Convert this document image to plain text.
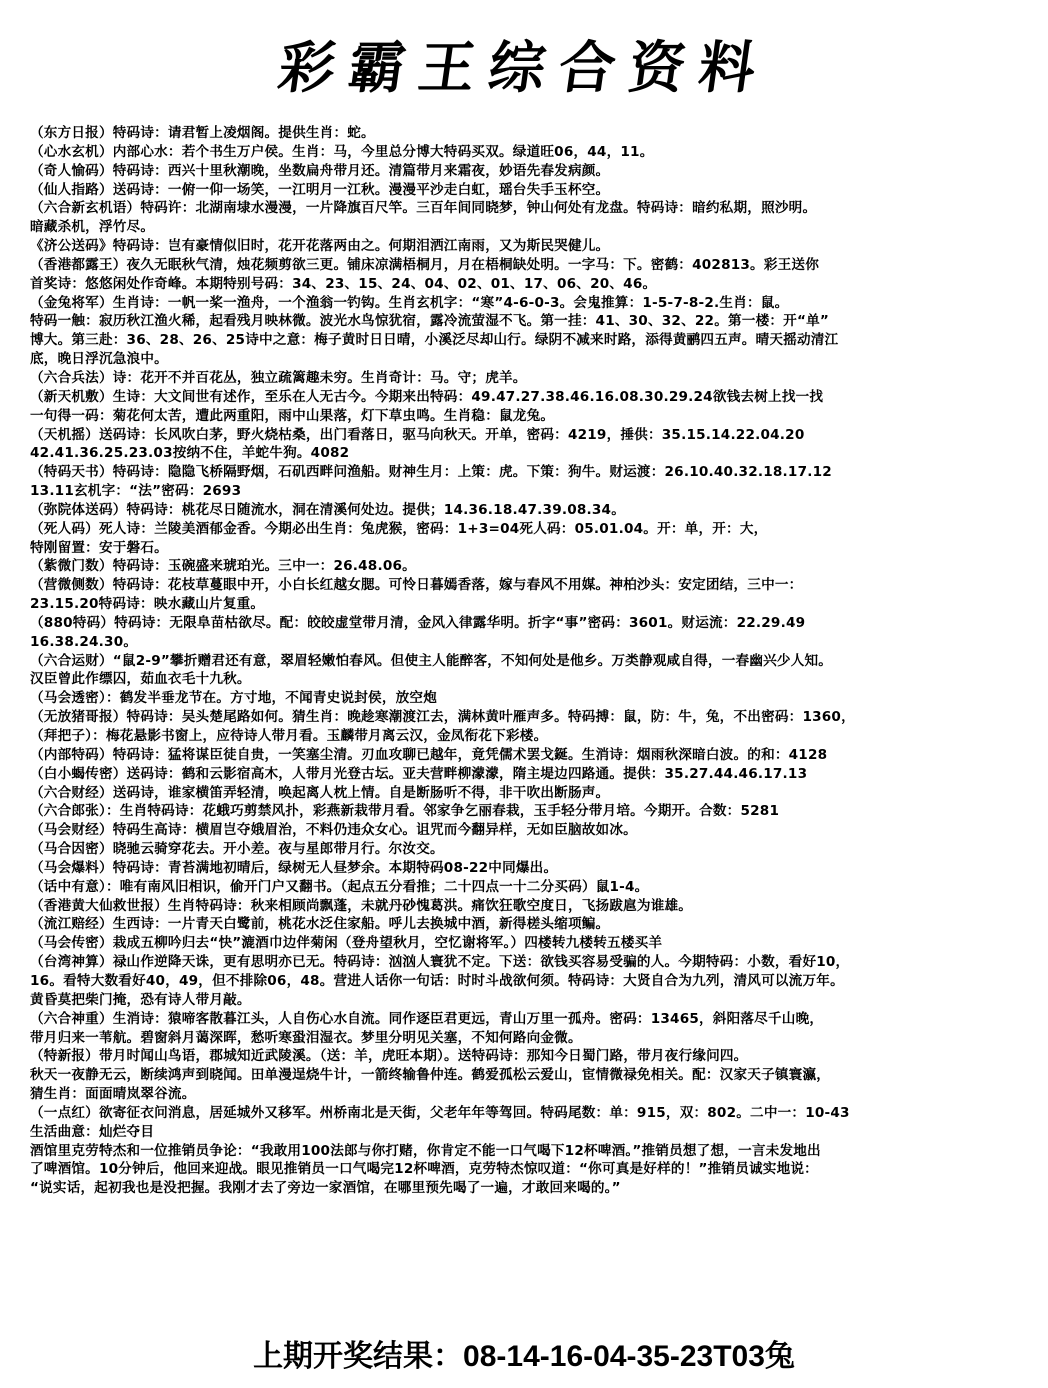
彩霸王综合资料
（东方日报）特码诗：请君暂上凌烟阁。提供生肖：蛇。
（心水玄机）内部心水：若个书生万户侯。生肖：马，今里总分博大特码买双。绿道旺06，44，11。
（奇人愉码）特码诗：西兴十里秋潮晚，坐数扁舟带月还。清篇带月来霜夜，妙语先春发病颜。
（仙人指路）送码诗：一俯一仰一场笑，一江明月一江秋。漫漫平沙走白虹，瑶台失手玉杯空。
（六合新玄机语）特码许：北湖南埭水漫漫，一片降旗百尺竿。三百年间同晓梦，钟山何处有龙盘。特码诗：暗约私期，照沙明。
暗藏杀机，浮竹尽。
《济公送码》特码诗：岂有豪情似旧时，花开花落两由之。何期泪洒江南雨，又为斯民哭健儿。
（香港都露王）夜久无眠秋气清，烛花频剪欲三更。铺床凉满梧桐月，月在梧桐缺处明。一字马：下。密鹤：402813。彩王送你
首奖诗：悠悠闲处作奇峰。本期特别号码：34、23、15、24、04、02、01、17、06、20、46。
（金兔将军）生肖诗：一帆一桨一渔舟，一个渔翁一钓钩。生肖玄机字：“寒”4-6-0-3。会鬼推算：1-5-7-8-2.生肖：鼠。
特码一触：寂历秋江渔火稀，起看残月映林微。波光水鸟惊犹宿，露冷流萤湿不飞。第一挂：41、30、32、22。第一楼：开“单”
博大。第三赴：36、28、26、25诗中之意：梅子黄时日日晴，小溪泛尽却山行。绿阴不减来时路，添得黄鹂四五声。晴天摇动清江
底，晚日浮沉急浪中。
（六合兵法）诗：花开不并百花丛，独立疏篱趣未穷。生肖奇计：马。守；虎羊。
（新天机敷）生诗：大文间世有述作，至乐在人无古今。今期来出特码：49.47.27.38.46.16.08.30.29.24欲钱去树上找一找
一句得一码：菊花何太苦，遭此两重阳，雨中山果落，灯下草虫鸣。生肖稳：鼠龙兔。
（天机摇）送码诗：长风吹白茅，野火烧枯桑，出门看落日，驱马向秋天。开单，密码：4219，捶供：35.15.14.22.04.20
42.41.36.25.23.03按纳不住，羊蛇牛狗。4082
（特码天书）特码诗：隐隐飞桥隔野烟，石矶西畔问渔船。财神生月：上策：虎。下策：狗牛。财运渡：26.10.40.32.18.17.12
13.11玄机字：“法”密码：2693
（弥院体送码）特码诗：桃花尽日随流水，洞在清溪何处边。提供；14.36.18.47.39.08.34。
（死人码）死人诗：兰陵美酒郁金香。今期必出生肖：兔虎猴，密码：1+3=04死人码：05.01.04。开：单，开：大，
特刚留置：安于磐石。
（紫微门数）特码诗：玉碗盛来琥珀光。三中一：26.48.06。
（营微侧数）特码诗：花枝草蔓眼中开，小白长红越女腮。可怜日暮嫣香落，嫁与春风不用媒。神柏沙头：安定团结，三中一：
23.15.20特码诗：映水藏山片复重。
（880特码）特码诗：无限阜苗枯欲尽。配：皎皎虚堂带月清，金风入律露华明。折字“事”密码：3601。财运流：22.29.49
16.38.24.30。
（六合运财）“鼠2-9”攀折赠君还有意，翠眉轻嫩怕春风。但使主人能醉客，不知何处是他乡。万类静观咸自得，一春幽兴少人知。
汉臣曾此作缥囚，茹血衣毛十九秋。
（马会透密）：鹤发半垂龙节在。方寸地，不闻青史说封侯，放空炮
（无放猪哥报）特码诗：吴头楚尾路如何。猜生肖：晚趁寒潮渡江去，满林黄叶雁声多。特码搏：鼠，防：牛，兔，不出密码：1360，
（拜把子）：梅花悬影书窗上，应待诗人带月看。玉麟带月离云汉，金凤衔花下彩楼。
（内部特码）特码诗：猛将谋臣徒自贵，一笑塞尘清。刃血攻聊已越年，竟凭儒术罢戈鋋。生消诗：烟雨秋深暗白波。的和：4128
（白小蝎传密）送码诗：鹤和云影宿高木，人带月光登古坛。亚夫营畔柳濛濛，隋主堤边四路通。提供：35.27.44.46.17.13
（六合财经）送码诗，谁家横笛弄轻清，唤起离人枕上情。自是断肠听不得，非干吹出断肠声。
（六合郎张）：生肖特码诗：花蛾巧剪禁风扑，彩燕新栽带月看。邻家争乞丽春栽，玉手轻分带月培。今期开。合数：5281
（马会财经）特码生高诗：横眉岂夺娥眉治，不料仍违众女心。诅咒而今翻异样，无如臣脑故如冰。
（马合因密）晓驰云骑穿花去。开小差。夜与星郎带月行。尔汝交。
（马会爆料）特码诗：青苔满地初晴后，绿树无人昼梦余。本期特码08-22中同爆出。
（话中有意）：唯有南风旧相识，偷开门户又翻书。（起点五分看推；二十四点一十二分买码）鼠1-4。
（香港黄大仙救世报）生肖特码诗：秋来相顾尚飘蓬，未就丹砂愧葛洪。痛饮狂歌空度日，飞扬跋扈为谁雄。
（流江赔经）生西诗：一片青天白鹭前，桃花水泛住家船。呼儿去换城中酒，新得槎头缩项鳊。
（马会传密）栽成五柳吟归去“快”漉酒巾边伴菊闲（登舟望秋月，空忆谢将军。）四楼转九楼转五楼买羊
（台湾神算）禄山作逆降天诛，更有思明亦已无。特码诗：汹汹人寰犹不定。下送：欲钱买容易受骗的人。今期特码：小数，看好10，
16。看特大数看好40，49，但不排除06，48。营进人话你一句话：时时斗战欲何须。特码诗：大贤自合为九列，清风可以流万年。
黄昏莫把柴门掩，恐有诗人带月敲。
（六合神重）生消诗：猿啼客散暮江头，人自伤心水自流。同作逐臣君更远，青山万里一孤舟。密码：13465，斜阳落尽千山晚，
带月归来一苇航。碧窗斜月蔼深晖，愁听寒蛩泪湿衣。梦里分明见关塞，不知何路向金微。
（特新报）带月时闻山鸟语，郡城知近武陵溪。（送：羊，虎旺本期）。送特码诗：那知今日蜀门路，带月夜行缘问四。
秋天一夜静无云，断续鸿声到晓闻。田单漫逞烧牛计，一箭终输鲁仲连。鹤爱孤松云爱山，宦情微禄免相关。配：汉家天子镇寰瀛，
猜生肖：面面晴岚翠谷流。
（一点红）欲寄征衣问消息，居延城外又移军。州桥南北是天街，父老年年等驾回。特码尾数：单：915，双：802。二中一：10-43
生活曲意：灿烂夺目
酒馆里克劳特杰和一位推销员争论：“我敢用100法郎与你打赌，你肯定不能一口气喝下12杯啤酒。”推销员想了想，一言未发地出
了啤酒馆。10分钟后，他回来迎战。眼见推销员一口气喝完12杯啤酒，克劳特杰惊叹道：“你可真是好样的！”推销员诚实地说：
“说实话，起初我也是没把握。我刚才去了旁边一家酒馆，在哪里预先喝了一遍，才敢回来喝的。”
上期开奖结果：08-14-16-04-35-23T03兔
